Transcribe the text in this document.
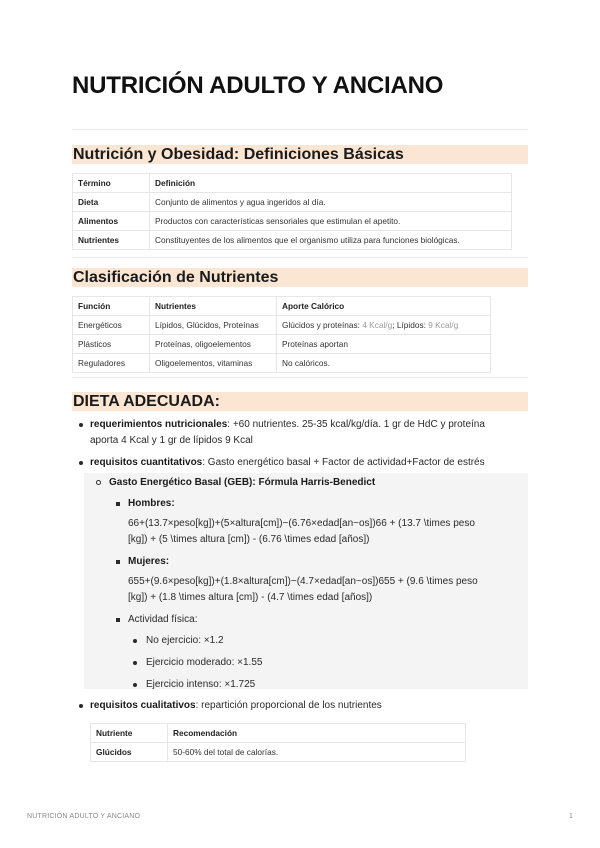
NUTRICIÓN ADULTO Y ANCIANO
Nutrición y Obesidad: Definiciones Básicas
Término	Definición
Dieta	Conjunto de alimentos y agua ingeridos al día.
Alimentos	Productos con características sensoriales que estimulan el apetito.
Nutrientes	Constituyentes de los alimentos que el organismo utiliza para funciones biológicas.
Clasificación de Nutrientes
Función	Nutrientes	Aporte Calórico
Energéticos	Lípidos, Glúcidos, Proteínas	Glúcidos y proteínas: 4 Kcal/g; Lípidos: 9 Kcal/g
Plásticos	Proteínas, oligoelementos	Proteínas aportan
Reguladores	Oligoelementos, vitaminas	No calóricos.
DIETA ADECUADA:
requerimientos nutricionales: +60 nutrientes. 25-35 kcal/kg/día. 1 gr de HdC y proteína
aporta 4 Kcal y 1 gr de lípidos 9 Kcal
requisitos cuantitativos: Gasto energético basal + Factor de actividad+Factor de estrés
Gasto Energético Basal (GEB): Fórmula Harris-Benedict
Hombres:
66+(13.7×peso[kg])+(5×altura[cm])−(6.76×edad[an~os])66 + (13.7 \times peso
[kg]) + (5 \times altura [cm]) - (6.76 \times edad [años])
Mujeres:
655+(9.6×peso[kg])+(1.8×altura[cm])−(4.7×edad[an~os])655 + (9.6 \times peso
[kg]) + (1.8 \times altura [cm]) - (4.7 \times edad [años])
Actividad física:
No ejercicio: ×1.2
Ejercicio moderado: ×1.55
Ejercicio intenso: ×1.725
requisitos cualitativos: repartición proporcional de los nutrientes
Nutriente	Recomendación
Glúcidos	50-60% del total de calorías.
NUTRICIÓN ADULTO Y ANCIANO	1
